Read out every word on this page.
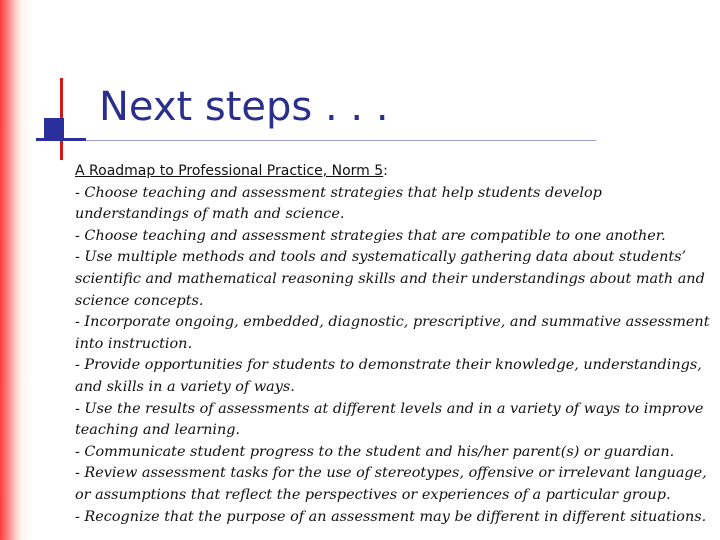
Next steps . . .
A Roadmap to Professional Practice, Norm 5:
- Choose teaching and assessment strategies that help students develop understandings of math and science.
- Choose teaching and assessment strategies that are compatible to one another.
- Use multiple methods and tools and systematically gathering data about students’ scientific and mathematical reasoning skills and their understandings about math and science concepts.
- Incorporate ongoing, embedded, diagnostic, prescriptive, and summative assessment into instruction.
- Provide opportunities for students to demonstrate their knowledge, understandings, and skills in a variety of ways.
- Use the results of assessments at different levels and in a variety of ways to improve teaching and learning.
- Communicate student progress to the student and his/her parent(s) or guardian.
- Review assessment tasks for the use of stereotypes, offensive or irrelevant language, or assumptions that reflect the perspectives or experiences of a particular group.
- Recognize that the purpose of an assessment may be different in different situations.
